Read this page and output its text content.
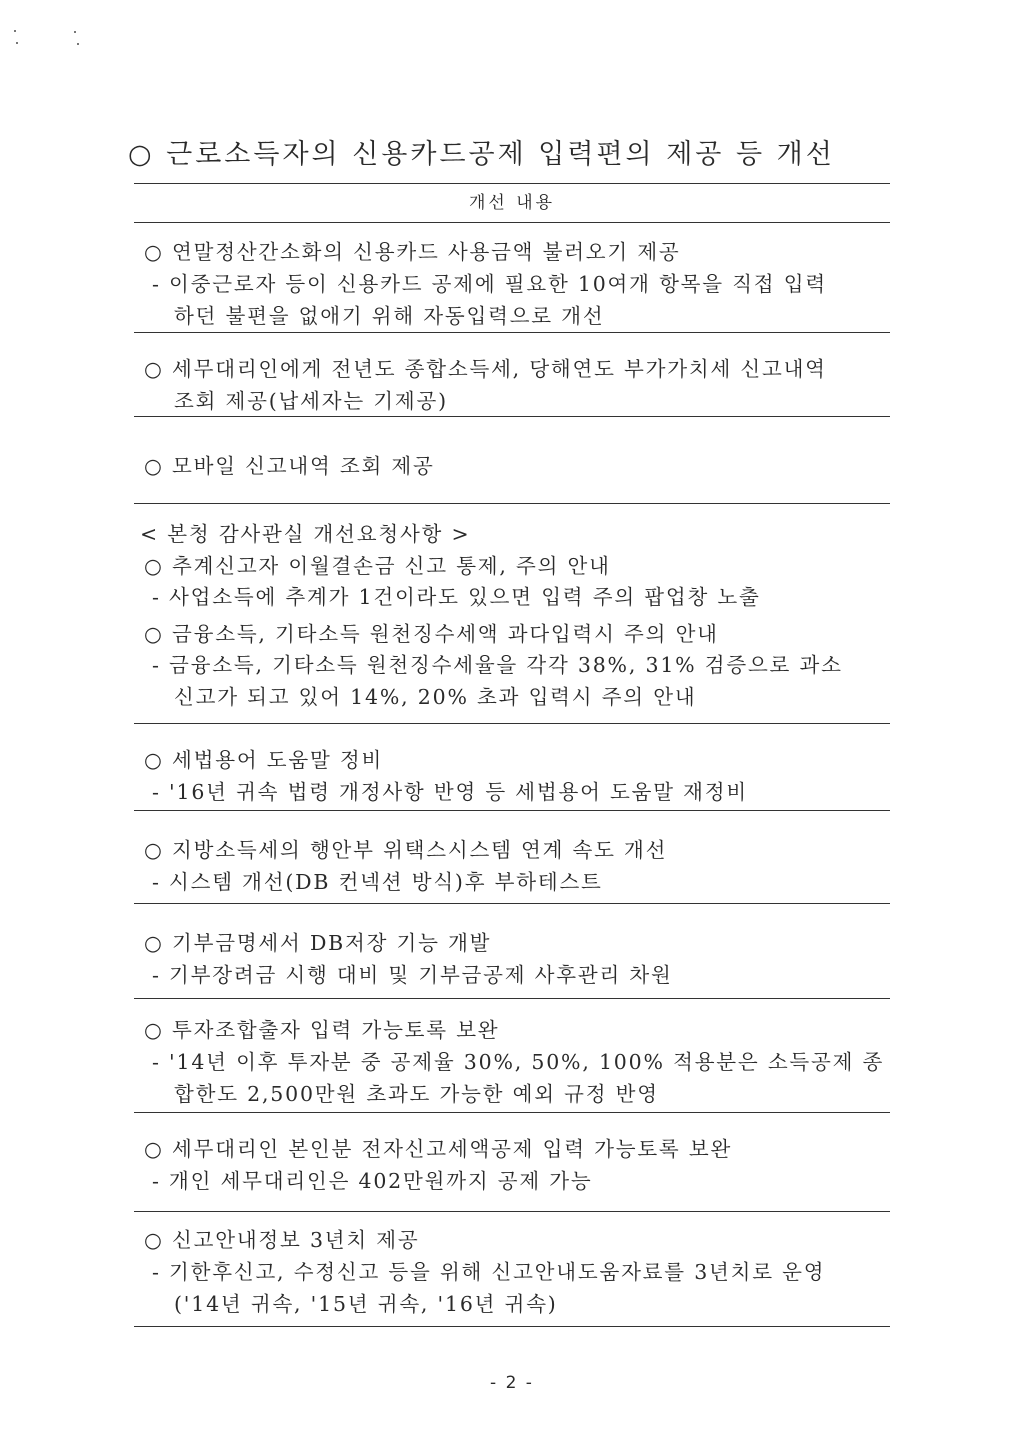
○ 근로소득자의 신용카드공제 입력편의 제공 등 개선
개선 내용
○ 연말정산간소화의 신용카드 사용금액 불러오기 제공
- 이중근로자 등이 신용카드 공제에 필요한 10여개 항목을 직접 입력
하던 불편을 없애기 위해 자동입력으로 개선
○ 세무대리인에게 전년도 종합소득세, 당해연도 부가가치세 신고내역
조회 제공(납세자는 기제공)
○ 모바일 신고내역 조회 제공
< 본청 감사관실 개선요청사항 >
○ 추계신고자 이월결손금 신고 통제, 주의 안내
- 사업소득에 추계가 1건이라도 있으면 입력 주의 팝업창 노출
○ 금융소득, 기타소득 원천징수세액 과다입력시 주의 안내
- 금융소득, 기타소득 원천징수세율을 각각 38%, 31% 검증으로 과소
신고가 되고 있어 14%, 20% 초과 입력시 주의 안내
○ 세법용어 도움말 정비
- '16년 귀속 법령 개정사항 반영 등 세법용어 도움말 재정비
○ 지방소득세의 행안부 위택스시스템 연계 속도 개선
- 시스템 개선(DB 컨넥션 방식)후 부하테스트
○ 기부금명세서 DB저장 기능 개발
- 기부장려금 시행 대비 및 기부금공제 사후관리 차원
○ 투자조합출자 입력 가능토록 보완
- '14년 이후 투자분 중 공제율 30%, 50%, 100% 적용분은 소득공제 종
합한도 2,500만원 초과도 가능한 예외 규정 반영
○ 세무대리인 본인분 전자신고세액공제 입력 가능토록 보완
- 개인 세무대리인은 402만원까지 공제 가능
○ 신고안내정보 3년치 제공
- 기한후신고, 수정신고 등을 위해 신고안내도움자료를 3년치로 운영
('14년 귀속, '15년 귀속, '16년 귀속)
- 2 -
